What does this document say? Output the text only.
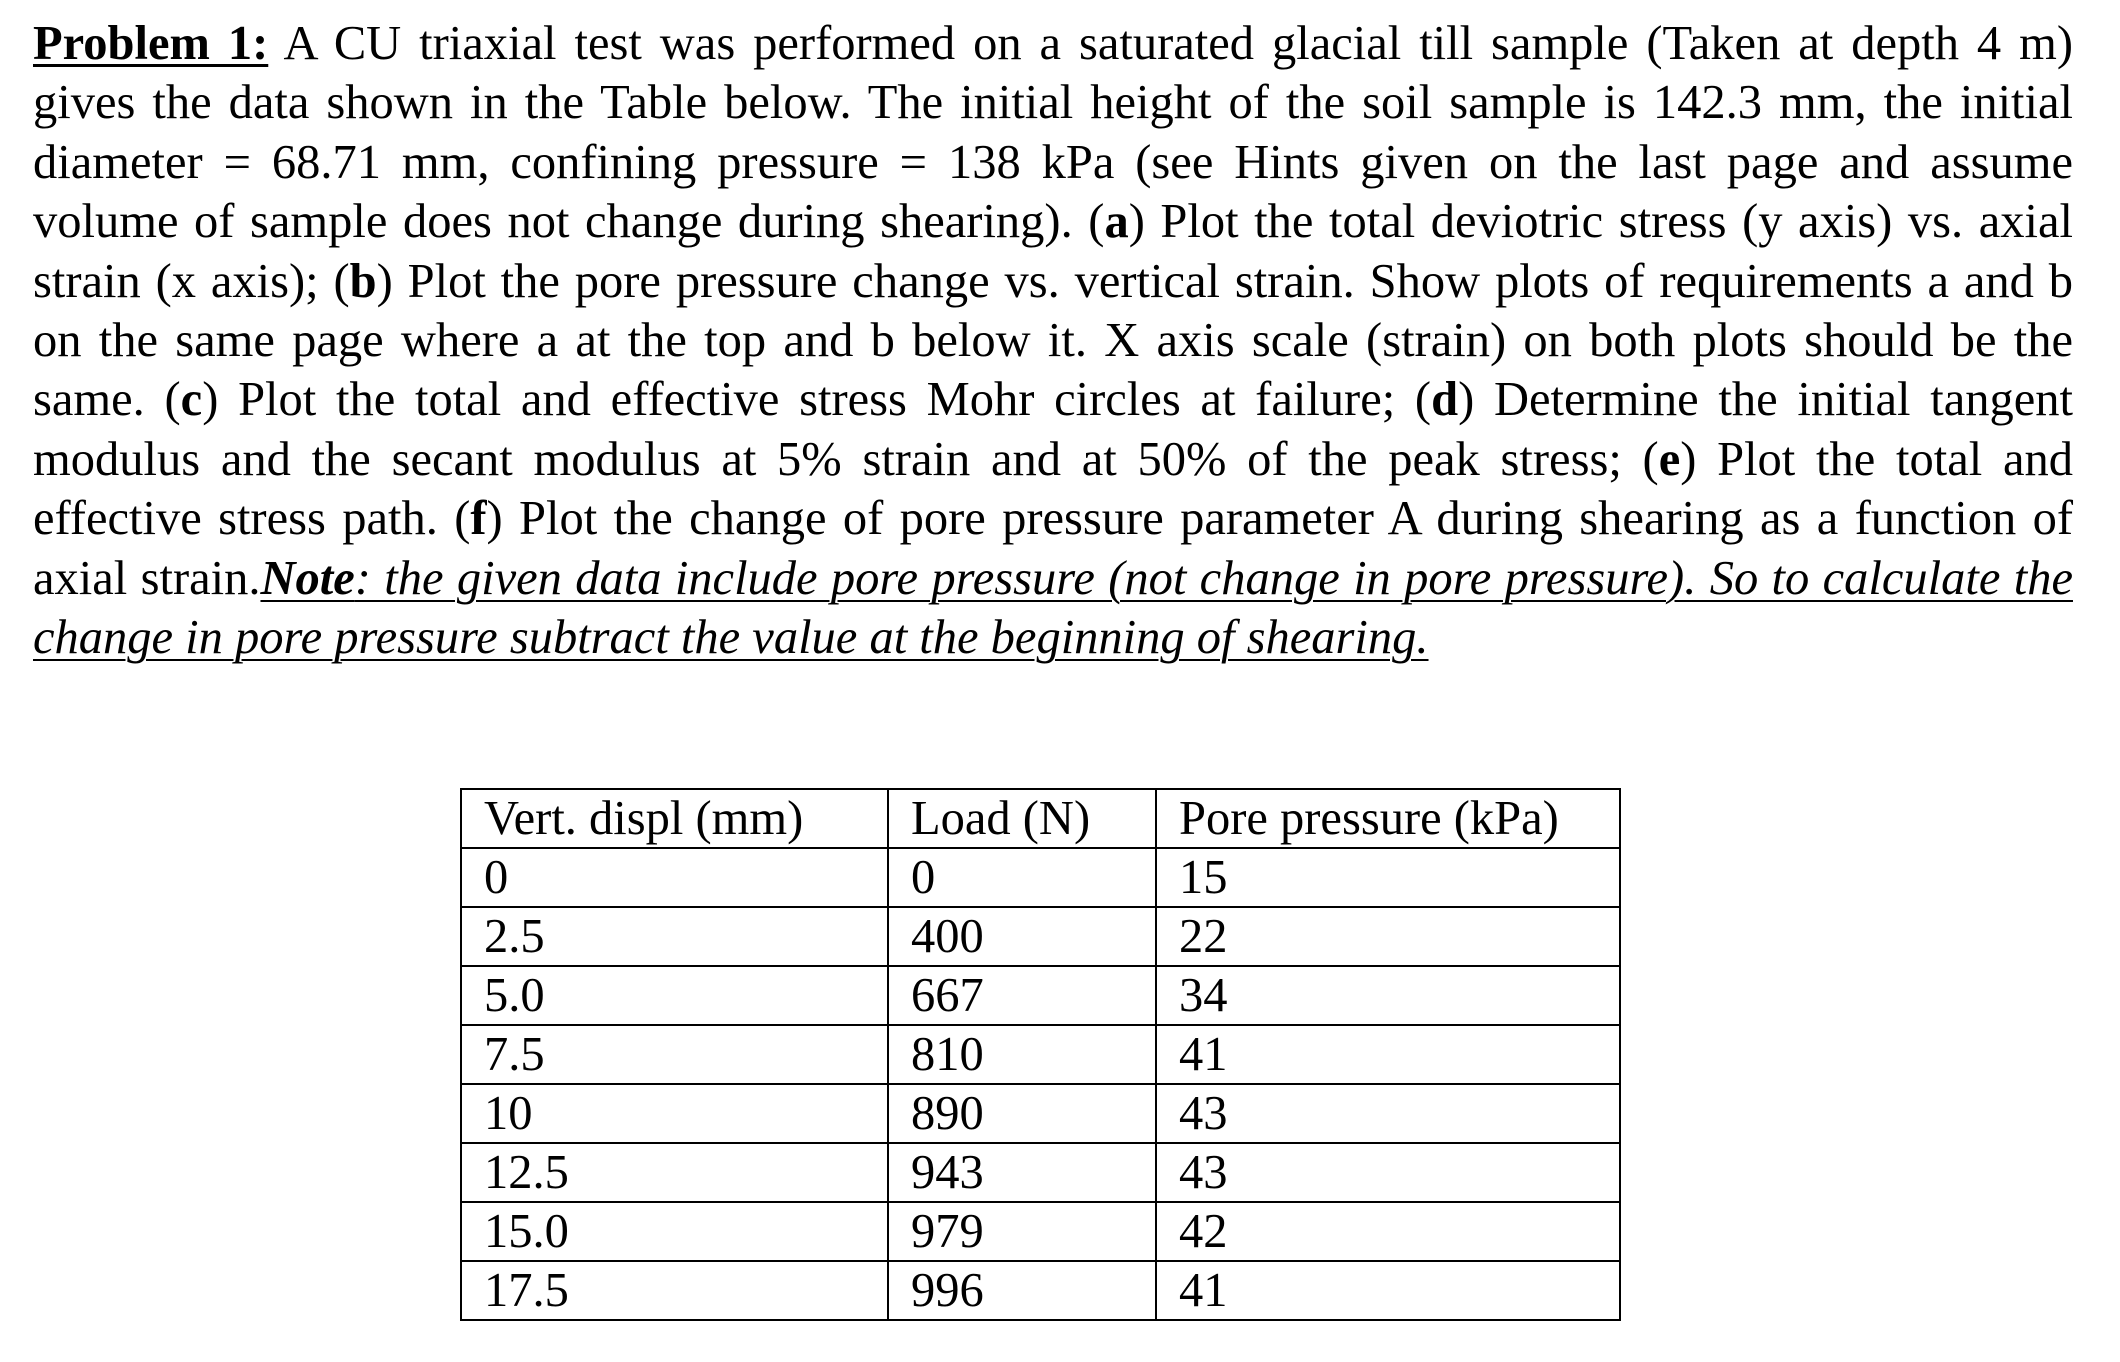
Problem 1: A CU triaxial test was performed on a saturated glacial till sample (Taken at depth 4 m) gives the data shown in the Table below. The initial height of the soil sample is 142.3 mm, the initial diameter = 68.71 mm, confining pressure = 138 kPa (see Hints given on the last page and assume volume of sample does not change during shearing). (a) Plot the total deviotric stress (y axis) vs. axial strain (x axis); (b) Plot the pore pressure change vs. vertical strain. Show plots of requirements a and b on the same page where a at the top and b below it. X axis scale (strain) on both plots should be the same. (c) Plot the total and effective stress Mohr circles at failure; (d) Determine the initial tangent modulus and the secant modulus at 5% strain and at 50% of the peak stress; (e) Plot the total and effective stress path. (f) Plot the change of pore pressure parameter A during shearing as a function of axial strain.Note: the given data include pore pressure (not change in pore pressure). So to calculate the change in pore pressure subtract the value at the beginning of shearing.
Vert. displ (mm)	Load (N)	Pore pressure (kPa)
0	0	15
2.5	400	22
5.0	667	34
7.5	810	41
10	890	43
12.5	943	43
15.0	979	42
17.5	996	41
